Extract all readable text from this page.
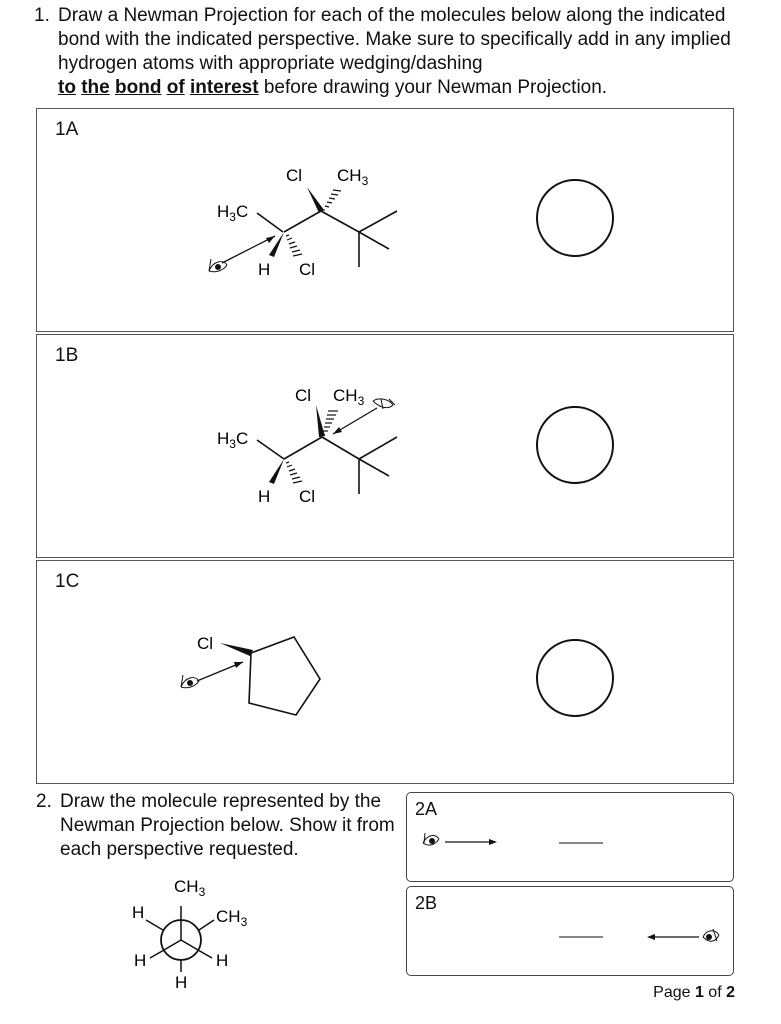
1. Draw a Newman Projection for each of the molecules below along the indicated bond with the indicated perspective. Make sure to specifically add in any implied hydrogen atoms with appropriate wedging/dashing
to the bond of interest before drawing your Newman Projection.
1A
Cl $CH_3$
$H_3C$
H Cl
1B
Cl $CH_3$
$H_3C$
H Cl
1C
Cl
2. Draw the molecule represented by the Newman Projection below. Show it from each perspective requested.
$CH_3$
H	$CH_3$
H	H
H
2A
2B
Page 1 of 2
